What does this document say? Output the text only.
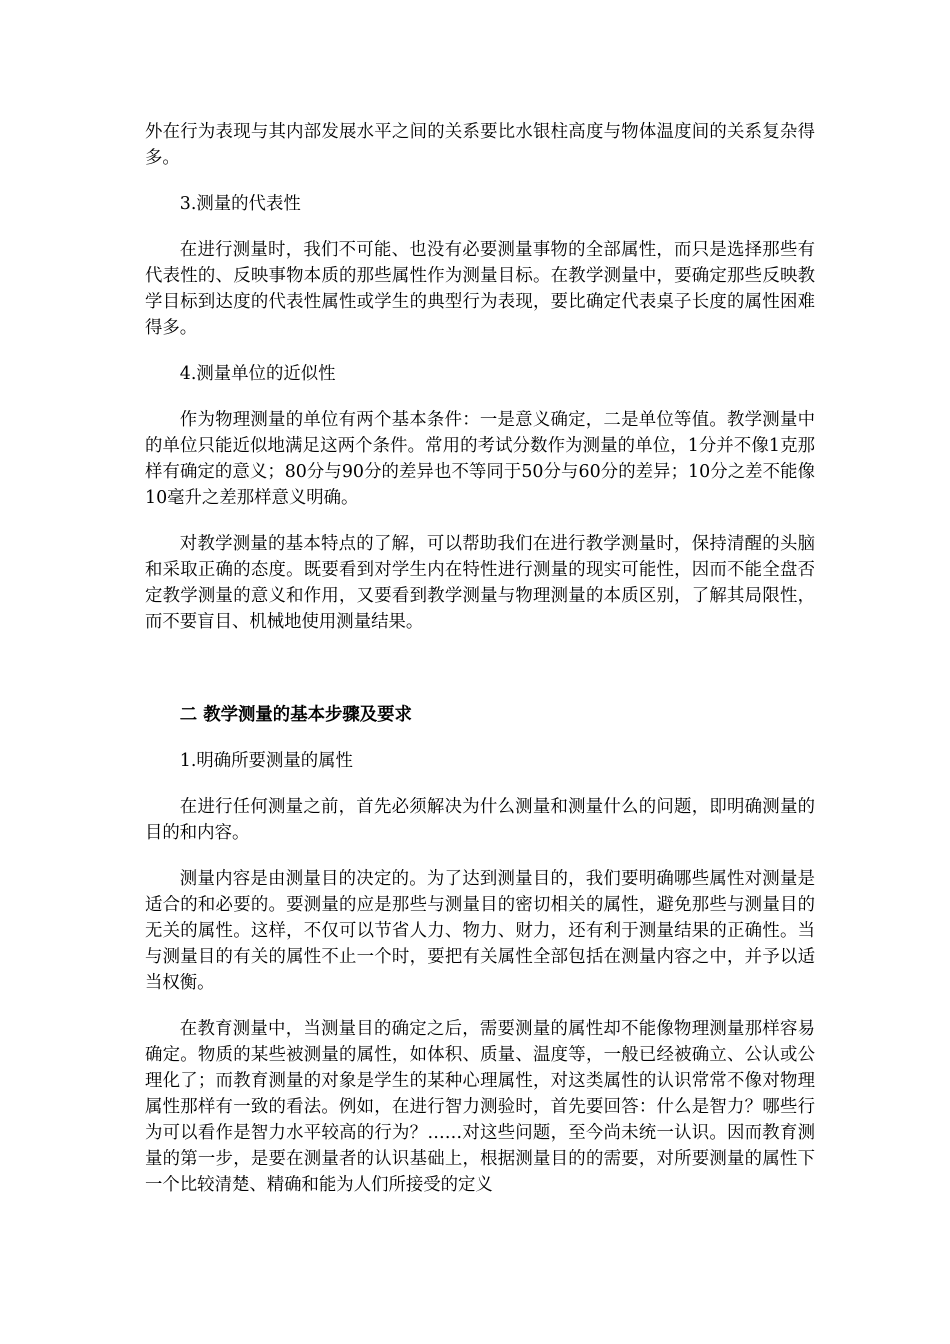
外在行为表现与其内部发展水平之间的关系要比水银柱高度与物体温度间的关系复杂得多。

3.测量的代表性

在进行测量时，我们不可能、也没有必要测量事物的全部属性，而只是选择那些有代表性的、反映事物本质的那些属性作为测量目标。在教学测量中，要确定那些反映教学目标到达度的代表性属性或学生的典型行为表现，要比确定代表桌子长度的属性困难得多。

4.测量单位的近似性

作为物理测量的单位有两个基本条件：一是意义确定，二是单位等值。教学测量中的单位只能近似地满足这两个条件。常用的考试分数作为测量的单位，1分并不像1克那样有确定的意义；80分与90分的差异也不等同于50分与60分的差异；10分之差不能像10毫升之差那样意义明确。

对教学测量的基本特点的了解，可以帮助我们在进行教学测量时，保持清醒的头脑和采取正确的态度。既要看到对学生内在特性进行测量的现实可能性，因而不能全盘否定教学测量的意义和作用，又要看到教学测量与物理测量的本质区别，了解其局限性，而不要盲目、机械地使用测量结果。

二 教学测量的基本步骤及要求

1.明确所要测量的属性

在进行任何测量之前，首先必须解决为什么测量和测量什么的问题，即明确测量的目的和内容。

测量内容是由测量目的决定的。为了达到测量目的，我们要明确哪些属性对测量是适合的和必要的。要测量的应是那些与测量目的密切相关的属性，避免那些与测量目的无关的属性。这样，不仅可以节省人力、物力、财力，还有利于测量结果的正确性。当与测量目的有关的属性不止一个时，要把有关属性全部包括在测量内容之中，并予以适当权衡。

在教育测量中，当测量目的确定之后，需要测量的属性却不能像物理测量那样容易确定。物质的某些被测量的属性，如体积、质量、温度等，一般已经被确立、公认或公理化了；而教育测量的对象是学生的某种心理属性，对这类属性的认识常常不像对物理属性那样有一致的看法。例如，在进行智力测验时，首先要回答：什么是智力？哪些行为可以看作是智力水平较高的行为？……对这些问题，至今尚未统一认识。因而教育测量的第一步，是要在测量者的认识基础上，根据测量目的的需要，对所要测量的属性下一个比较清楚、精确和能为人们所接受的定义
